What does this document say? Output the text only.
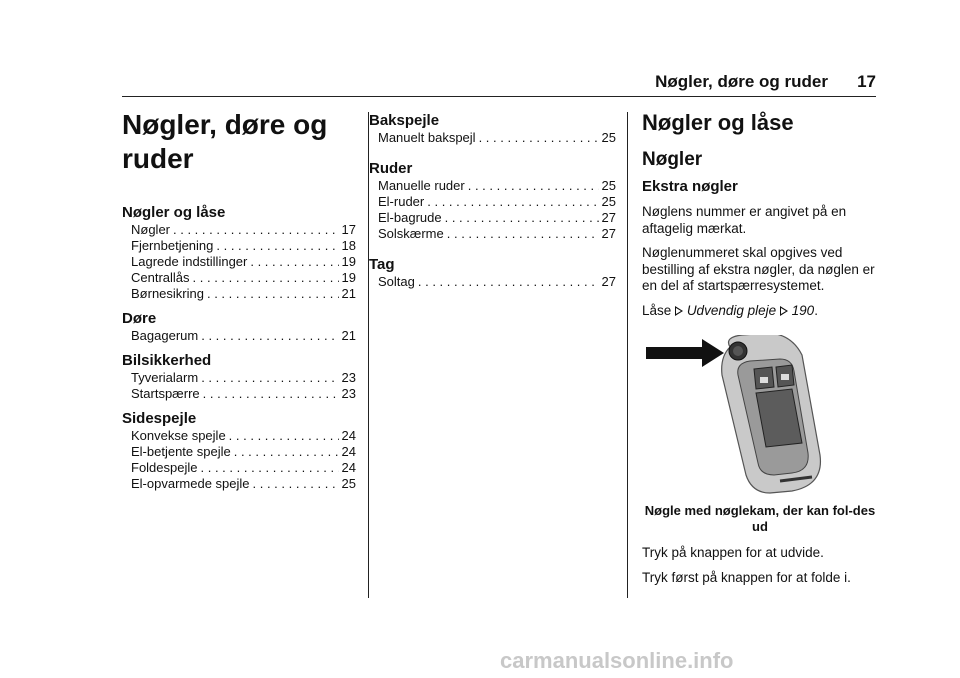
Nøgler, døre og ruder 17
Nøgler, døre og
ruder
Nøgler og låse
Nøgler . . .	17
Fjernbetjening . . .	18
Lagrede indstillinger . . .	19
Centrallås . . .	19
Børnesikring . . .	21
Døre
Bagagerum . . .	21
Bilsikkerhed
Tyverialarm . . .	23
Startspærre . . .	23
Sidespejle
Konvekse spejle . . .	24
El-betjente spejle . . .	24
Foldespejle . . .	24
El-opvarmede spejle . . .	25
Bakspejle
Manuelt bakspejl . . .	25
Ruder
Manuelle ruder . . .	25
El-ruder . . .	25
El-bagrude . . .	27
Solskærme . . .	27
Tag
Soltag . . .	27
Nøgler og låse
Nøgler
Ekstra nøgler

Nøglens nummer er angivet på en aftagelig mærkat.

Nøglenummeret skal opgives ved bestilling af ekstra nøgler, da nøglen er en del af startspærresystemet.

Låse Udvendig pleje 190.

Nøgle med nøglekam, der kan fol-des ud

Tryk på knappen for at udvide.

Tryk først på knappen for at folde i.

carmanualsonline.info
